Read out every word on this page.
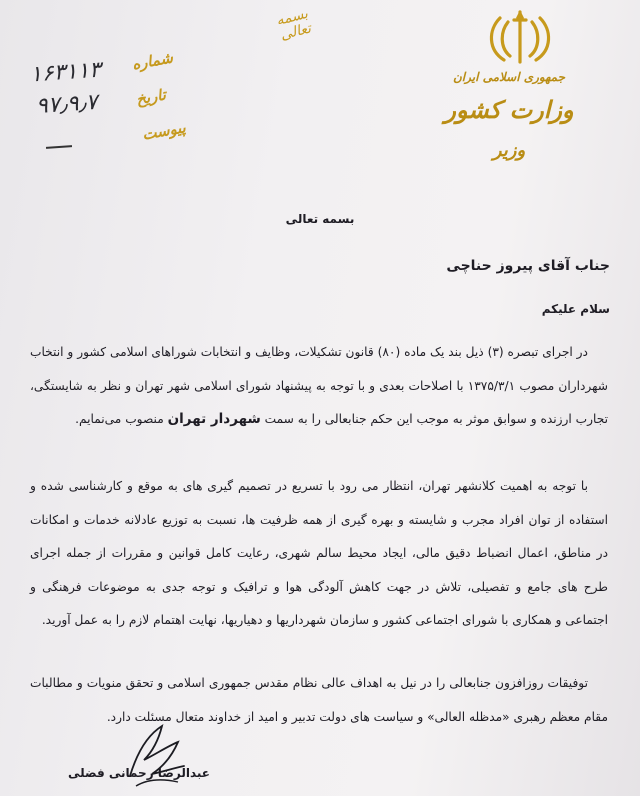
جمهوری اسلامی ایران
وزارت کشور
وزیر
بسمه تعالی
شماره
۱۶۳۱۱۳
تاریخ
۹۷٫۹٫۷
پیوست
بسمه تعالی
جناب آقای پیروز حناچی
سلام علیکم
در اجرای تبصره (۳) ذیل بند یک ماده (۸۰) قانون تشکیلات، وظایف و انتخابات شوراهای اسلامی کشور و انتخاب شهرداران مصوب ۱۳۷۵/۳/۱ با اصلاحات بعدی و با توجه به پیشنهاد شورای اسلامی شهر تهران و نظر به شایستگی، تجارب ارزنده و سوابق موثر به موجب این حکم جنابعالی را به سمت شهردار تهران منصوب می‌نمایم.
با توجه به اهمیت کلانشهر تهران، انتظار می رود با تسریع در تصمیم گیری های به موقع و کارشناسی شده و استفاده از توان افراد مجرب و شایسته و بهره گیری از همه ظرفیت ها، نسبت به توزیع عادلانه خدمات و امکانات در مناطق، اعمال انضباط دقیق مالی، ایجاد محیط سالم شهری، رعایت کامل قوانین و مقررات از جمله اجرای طرح های جامع و تفصیلی، تلاش در جهت کاهش آلودگی هوا و ترافیک و توجه جدی به موضوعات فرهنگی و اجتماعی و همکاری با شورای اجتماعی کشور و سازمان شهرداریها و دهیاریها، نهایت اهتمام لازم را به عمل آورید.
توفیقات روزافزون جنابعالی را در نیل به اهداف عالی نظام مقدس جمهوری اسلامی و تحقق منویات و مطالبات مقام معظم رهبری «مدظله العالی» و سیاست های دولت تدبیر و امید از خداوند متعال مسئلت دارد.
عبدالرضا رحمانی فضلی
